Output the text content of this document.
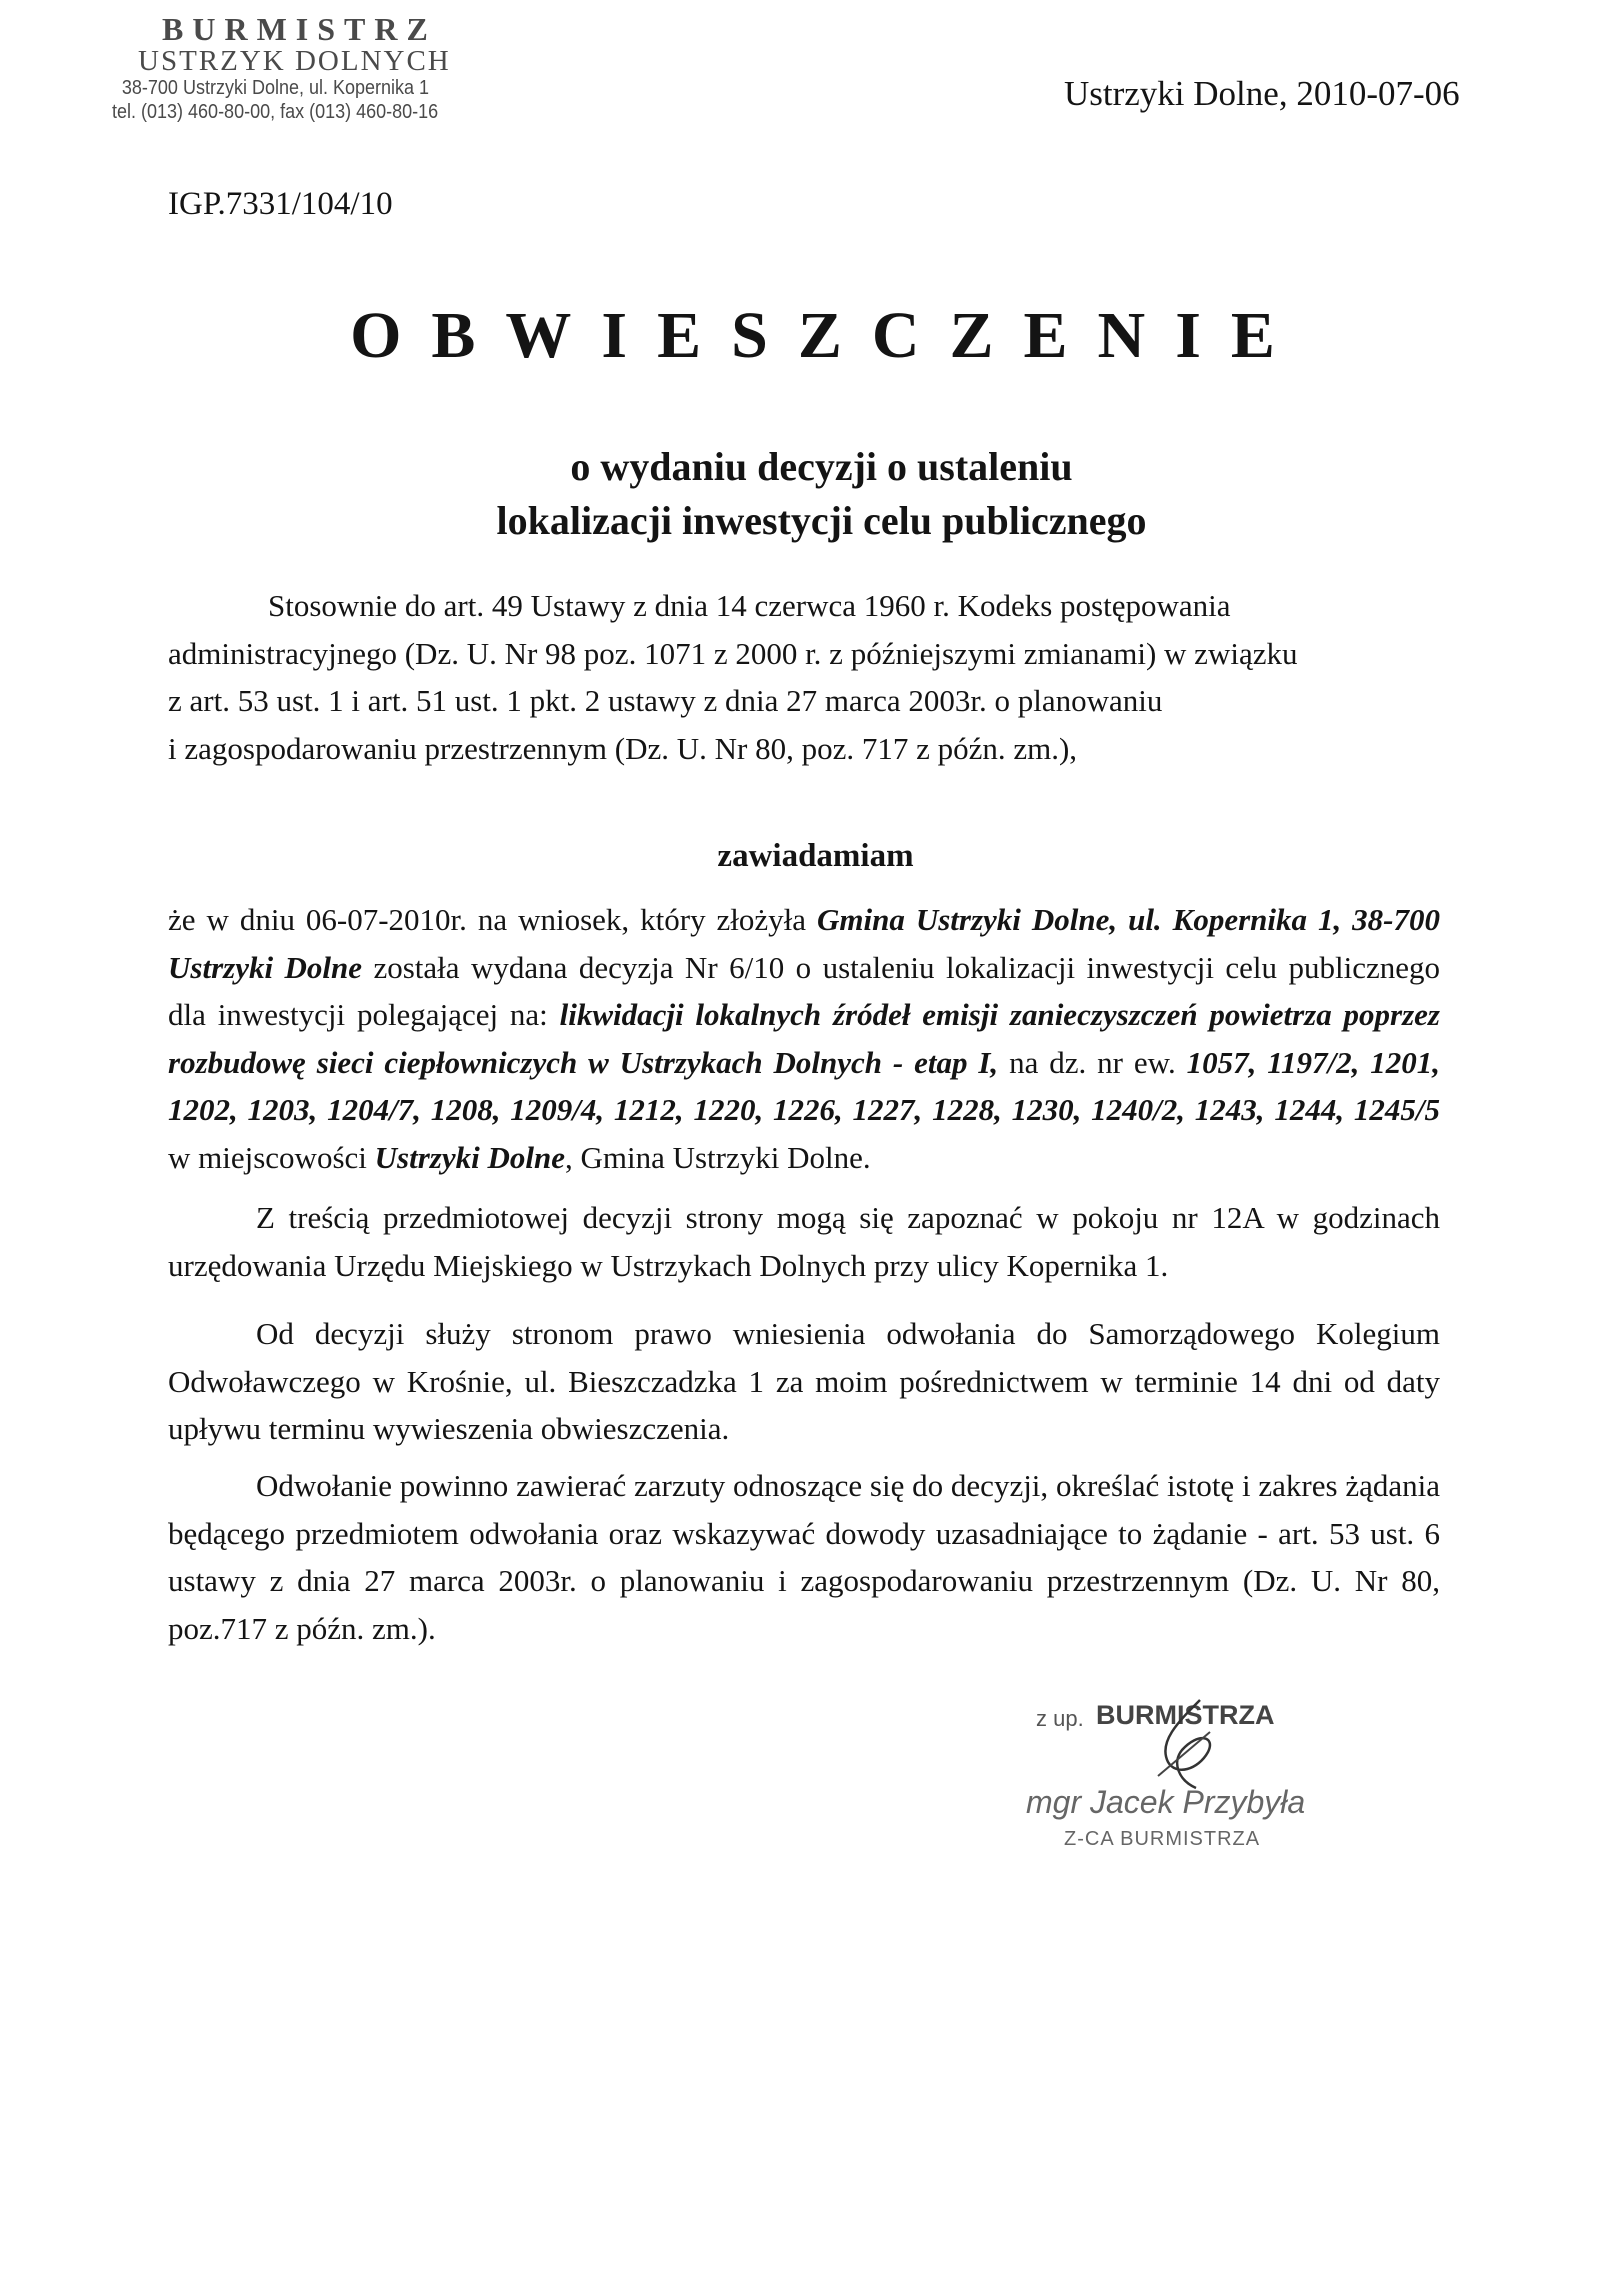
BURMISTRZ
USTRZYK DOLNYCH
38-700 Ustrzyki Dolne, ul. Kopernika 1
tel. (013) 460-80-00, fax (013) 460-80-16	Ustrzyki Dolne, 2010-07-06
IGP.7331/104/10
OBWIESZCZENIE
o wydaniu decyzji o ustaleniu
lokalizacji inwestycji celu publicznego
Stosownie do art. 49 Ustawy z dnia 14 czerwca 1960 r. Kodeks postępowania
administracyjnego (Dz. U. Nr 98 poz. 1071 z 2000 r. z późniejszymi zmianami) w związku
z art. 53 ust. 1 i art. 51 ust. 1 pkt. 2 ustawy z dnia 27 marca 2003r. o planowaniu
i zagospodarowaniu przestrzennym (Dz. U. Nr 80, poz. 717 z późn. zm.),
zawiadamiam
że w dniu 06-07-2010r. na wniosek, który złożyła Gmina Ustrzyki Dolne, ul. Kopernika 1, 38-700 Ustrzyki Dolne została wydana decyzja Nr 6/10 o ustaleniu lokalizacji inwestycji celu publicznego dla inwestycji polegającej na: likwidacji lokalnych źródeł emisji zanieczyszczeń powietrza poprzez rozbudowę sieci ciepłowniczych w Ustrzykach Dolnych - etap I, na dz. nr ew. 1057, 1197/2, 1201, 1202, 1203, 1204/7, 1208, 1209/4, 1212, 1220, 1226, 1227, 1228, 1230, 1240/2, 1243, 1244, 1245/5 w miejscowości Ustrzyki Dolne, Gmina Ustrzyki Dolne.
Z treścią przedmiotowej decyzji strony mogą się zapoznać w pokoju nr 12A w godzinach urzędowania Urzędu Miejskiego w Ustrzykach Dolnych przy ulicy Kopernika 1.
Od decyzji służy stronom prawo wniesienia odwołania do Samorządowego Kolegium Odwoławczego w Krośnie, ul. Bieszczadzka 1 za moim pośrednictwem w terminie 14 dni od daty upływu terminu wywieszenia obwieszczenia.
Odwołanie powinno zawierać zarzuty odnoszące się do decyzji, określać istotę i zakres żądania będącego przedmiotem odwołania oraz wskazywać dowody uzasadniające to żądanie - art. 53 ust. 6 ustawy z dnia 27 marca 2003r. o planowaniu i zagospodarowaniu przestrzennym (Dz. U. Nr 80, poz.717 z późn. zm.).
z up. BURMISTRZA
mgr Jacek Przybyła
Z-CA BURMISTRZA
